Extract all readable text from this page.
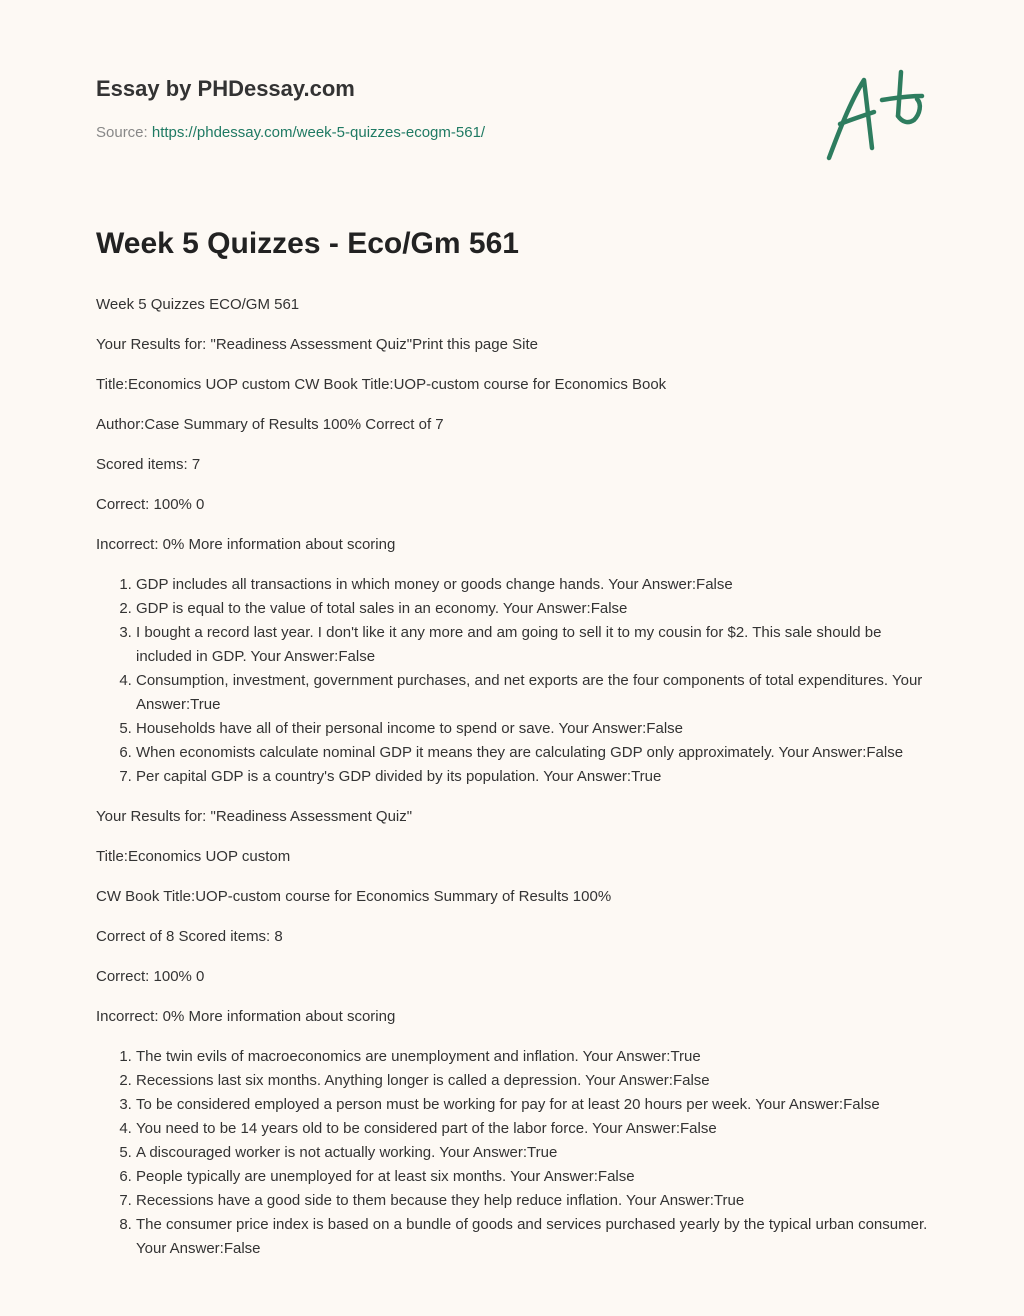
Essay by PHDessay.com
Source: https://phdessay.com/week-5-quizzes-ecogm-561/
Week 5 Quizzes - Eco/Gm 561

Week 5 Quizzes ECO/GM 561

Your Results for: "Readiness Assessment Quiz"Print this page Site

Title:Economics UOP custom CW Book Title:UOP-custom course for Economics Book

Author:Case Summary of Results 100% Correct of 7

Scored items: 7

Correct: 100% 0

Incorrect: 0% More information about scoring

1. GDP includes all transactions in which money or goods change hands. Your Answer:False
2. GDP is equal to the value of total sales in an economy. Your Answer:False
3. I bought a record last year. I don't like it any more and am going to sell it to my cousin for $2. This sale should be included in GDP. Your Answer:False
4. Consumption, investment, government purchases, and net exports are the four components of total expenditures. Your Answer:True
5. Households have all of their personal income to spend or save. Your Answer:False
6. When economists calculate nominal GDP it means they are calculating GDP only approximately. Your Answer:False
7. Per capital GDP is a country's GDP divided by its population. Your Answer:True

Your Results for: "Readiness Assessment Quiz"

Title:Economics UOP custom

CW Book Title:UOP-custom course for Economics Summary of Results 100%

Correct of 8 Scored items: 8

Correct: 100% 0

Incorrect: 0% More information about scoring

1. The twin evils of macroeconomics are unemployment and inflation. Your Answer:True
2. Recessions last six months. Anything longer is called a depression. Your Answer:False
3. To be considered employed a person must be working for pay for at least 20 hours per week. Your Answer:False
4. You need to be 14 years old to be considered part of the labor force. Your Answer:False
5. A discouraged worker is not actually working. Your Answer:True
6. People typically are unemployed for at least six months. Your Answer:False
7. Recessions have a good side to them because they help reduce inflation. Your Answer:True
8. The consumer price index is based on a bundle of goods and services purchased yearly by the typical urban consumer. Your Answer:False
